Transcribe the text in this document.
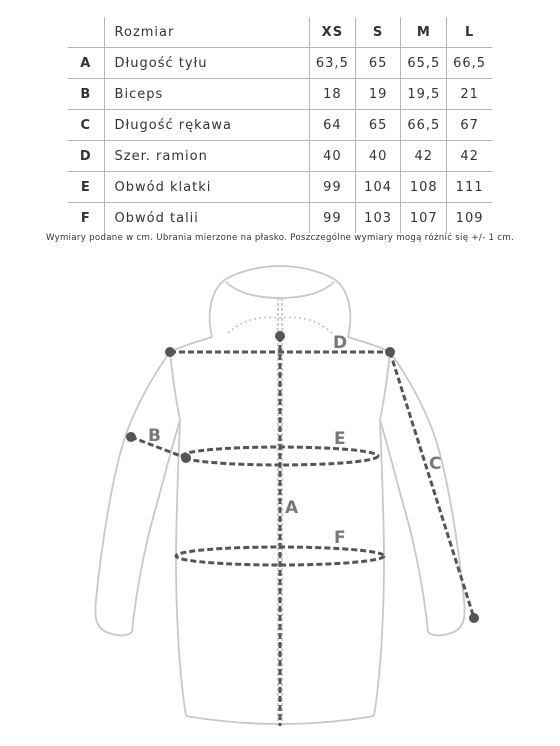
	Rozmiar	XS	S	M	L
A	Długość tyłu	63,5	65	65,5	66,5
B	Biceps	18	19	19,5	21
C	Długość rękawa	64	65	66,5	67
D	Szer. ramion	40	40	42	42
E	Obwód klatki	99	104	108	111
F	Obwód talii	99	103	107	109
Wymiary podane w cm. Ubrania mierzone na płasko. Poszczególne wymiary mogą różnić się +/- 1 cm.
D
B	E
C
A
F
